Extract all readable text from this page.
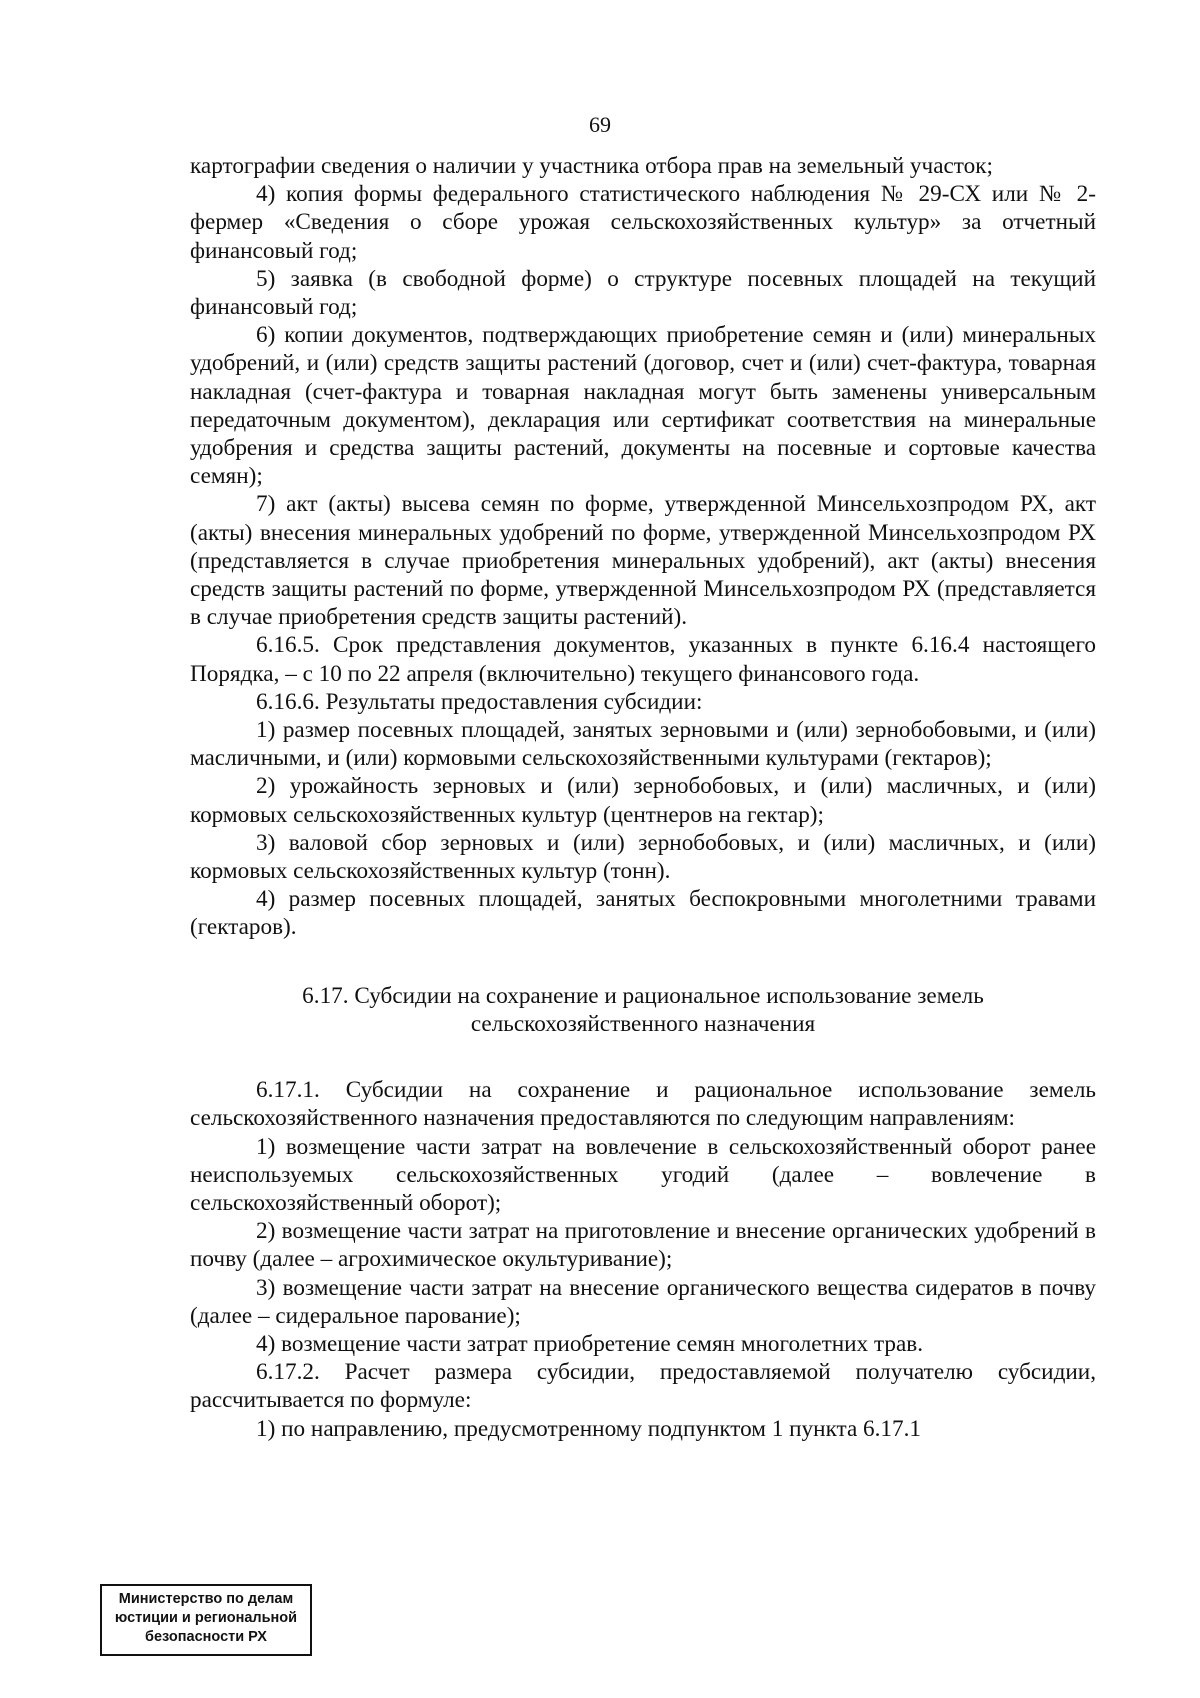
69

картографии сведения о наличии у участника отбора прав на земельный участок;

4) копия формы федерального статистического наблюдения № 29-СХ или № 2-фермер «Сведения о сборе урожая сельскохозяйственных культур» за отчетный финансовый год;

5) заявка (в свободной форме) о структуре посевных площадей на текущий финансовый год;

6) копии документов, подтверждающих приобретение семян и (или) минеральных удобрений, и (или) средств защиты растений (договор, счет и (или) счет-фактура, товарная накладная (счет-фактура и товарная накладная могут быть заменены универсальным передаточным документом), декларация или сертификат соответствия на минеральные удобрения и средства защиты растений, документы на посевные и сортовые качества семян);

7) акт (акты) высева семян по форме, утвержденной Минсельхозпродом РХ, акт (акты) внесения минеральных удобрений по форме, утвержденной Минсельхозпродом РХ (представляется в случае приобретения минеральных удобрений), акт (акты) внесения средств защиты растений по форме, утвержденной Минсельхозпродом РХ (представляется в случае приобретения средств защиты растений).

6.16.5. Срок представления документов, указанных в пункте 6.16.4 настоящего Порядка, – с 10 по 22 апреля (включительно) текущего финансового года.

6.16.6. Результаты предоставления субсидии:

1) размер посевных площадей, занятых зерновыми и (или) зернобобовыми, и (или) масличными, и (или) кормовыми сельскохозяйственными культурами (гектаров);

2) урожайность зерновых и (или) зернобобовых, и (или) масличных, и (или) кормовых сельскохозяйственных культур (центнеров на гектар);

3) валовой сбор зерновых и (или) зернобобовых, и (или) масличных, и (или) кормовых сельскохозяйственных культур (тонн).

4) размер посевных площадей, занятых беспокровными многолетними травами (гектаров).

6.17. Субсидии на сохранение и рациональное использование земель
сельскохозяйственного назначения

6.17.1. Субсидии на сохранение и рациональное использование земель сельскохозяйственного назначения предоставляются по следующим направлениям:

1) возмещение части затрат на вовлечение в сельскохозяйственный оборот ранее неиспользуемых сельскохозяйственных угодий (далее – вовлечение в сельскохозяйственный оборот);

2) возмещение части затрат на приготовление и внесение органических удобрений в почву (далее – агрохимическое окультуривание);

3) возмещение части затрат на внесение органического вещества сидератов в почву (далее – сидеральное парование);

4) возмещение части затрат приобретение семян многолетних трав.

6.17.2. Расчет размера субсидии, предоставляемой получателю субсидии, рассчитывается по формуле:

1) по направлению, предусмотренному подпунктом 1 пункта 6.17.1

Министерство по делам
юстиции и региональной
безопасности РХ
